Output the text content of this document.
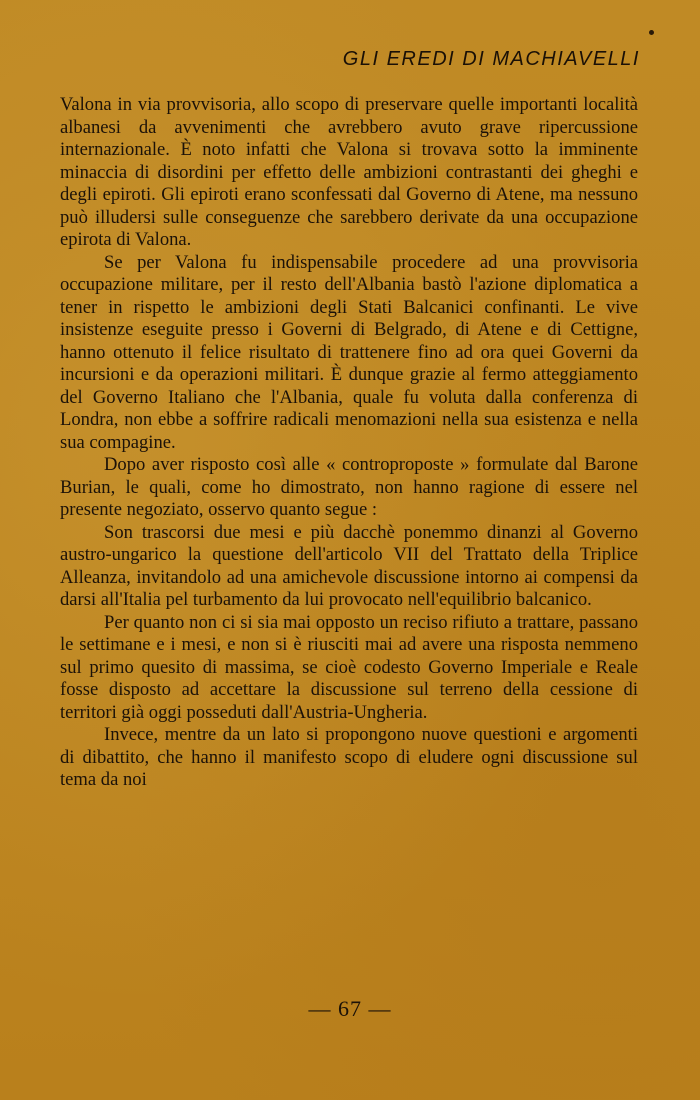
GLI EREDI DI MACHIAVELLI

Valona in via provvisoria, allo scopo di preservare quelle importanti località albanesi da avvenimenti che avrebbero avuto grave ripercussione internazionale. È noto infatti che Valona si trovava sotto la imminente minaccia di disordini per effetto delle ambizioni contrastanti dei gheghi e degli epiroti. Gli epiroti erano sconfessati dal Governo di Atene, ma nessuno può illudersi sulle conseguenze che sarebbero derivate da una occupazione epirota di Valona.

Se per Valona fu indispensabile procedere ad una provvisoria occupazione militare, per il resto dell'Albania bastò l'azione diplomatica a tener in rispetto le ambizioni degli Stati Balcanici confinanti. Le vive insistenze eseguite presso i Governi di Belgrado, di Atene e di Cettigne, hanno ottenuto il felice risultato di trattenere fino ad ora quei Governi da incursioni e da operazioni militari. È dunque grazie al fermo atteggiamento del Governo Italiano che l'Albania, quale fu voluta dalla conferenza di Londra, non ebbe a soffrire radicali menomazioni nella sua esistenza e nella sua compagine.

Dopo aver risposto così alle « controproposte » formulate dal Barone Burian, le quali, come ho dimostrato, non hanno ragione di essere nel presente negoziato, osservo quanto segue :

Son trascorsi due mesi e più dacchè ponemmo dinanzi al Governo austro-ungarico la questione dell'articolo VII del Trattato della Triplice Alleanza, invitandolo ad una amichevole discussione intorno ai compensi da darsi all'Italia pel turbamento da lui provocato nell'equilibrio balcanico.

Per quanto non ci si sia mai opposto un reciso rifiuto a trattare, passano le settimane e i mesi, e non si è riusciti mai ad avere una risposta nemmeno sul primo quesito di massima, se cioè codesto Governo Imperiale e Reale fosse disposto ad accettare la discussione sul terreno della cessione di territori già oggi posseduti dall'Austria-Ungheria.

Invece, mentre da un lato si propongono nuove questioni e argomenti di dibattito, che hanno il manifesto scopo di eludere ogni discussione sul tema da noi

— 67 —
